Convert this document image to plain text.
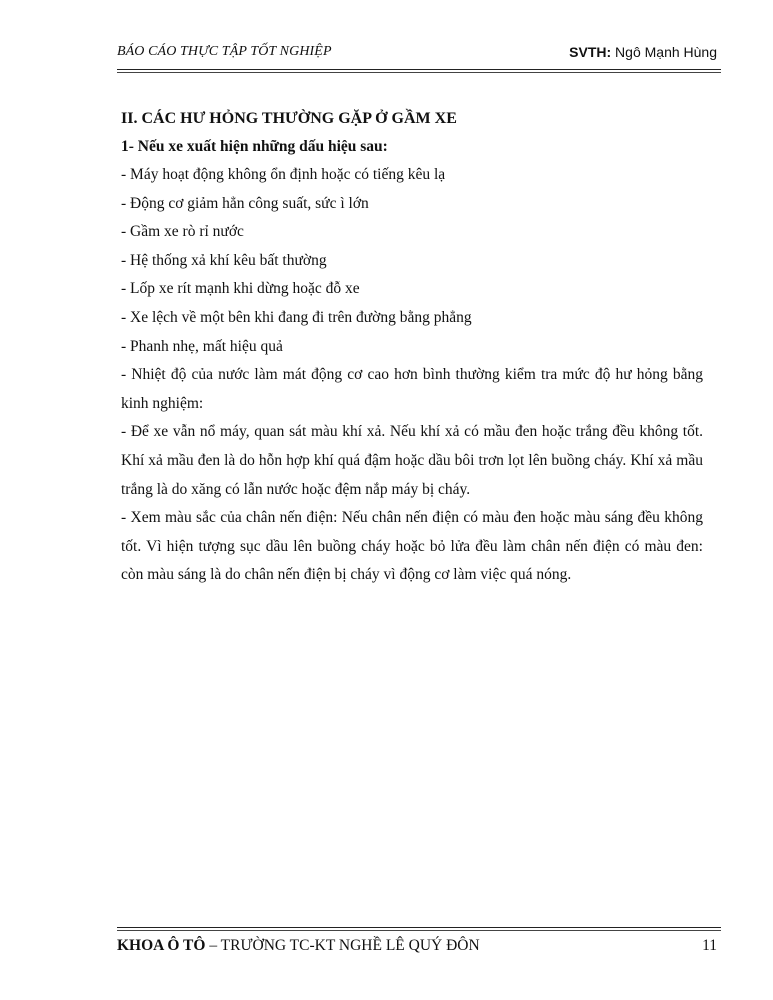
BÁO CÁO THỰC TẬP TỐT NGHIỆP	SVTH: Ngô Mạnh Hùng

II. CÁC HƯ HỎNG THƯỜNG GẶP Ở GẦM XE

1- Nếu xe xuất hiện những dấu hiệu sau:

- Máy hoạt động không ổn định hoặc có tiếng kêu lạ

- Động cơ giảm hẳn công suất, sức ì lớn

- Gầm xe rò rỉ nước

- Hệ thống xả khí kêu bất thường

- Lốp xe rít mạnh khi dừng hoặc đỗ xe

- Xe lệch về một bên khi đang đi trên đường bằng phẳng

- Phanh nhẹ, mất hiệu quả

- Nhiệt độ của nước làm mát động cơ cao hơn bình thường kiểm tra mức độ hư hỏng bằng kinh nghiệm:

- Để xe vẫn nổ máy, quan sát màu khí xả. Nếu khí xả có mầu đen hoặc trắng đều không tốt. Khí xả mầu đen là do hỗn hợp khí quá đậm hoặc dầu bôi trơn lọt lên buồng cháy. Khí xả mầu trắng là do xăng có lẫn nước hoặc đệm nắp máy bị cháy.

- Xem màu sắc của chân nến điện: Nếu chân nến điện có màu đen hoặc màu sáng đều không tốt. Vì hiện tượng sục dầu lên buồng cháy hoặc bỏ lửa đều làm chân nến điện có màu đen: còn màu sáng là do chân nến điện bị cháy vì động cơ làm việc quá nóng.

KHOA Ô TÔ – TRƯỜNG TC-KT NGHỀ LÊ QUÝ ĐÔN	11
